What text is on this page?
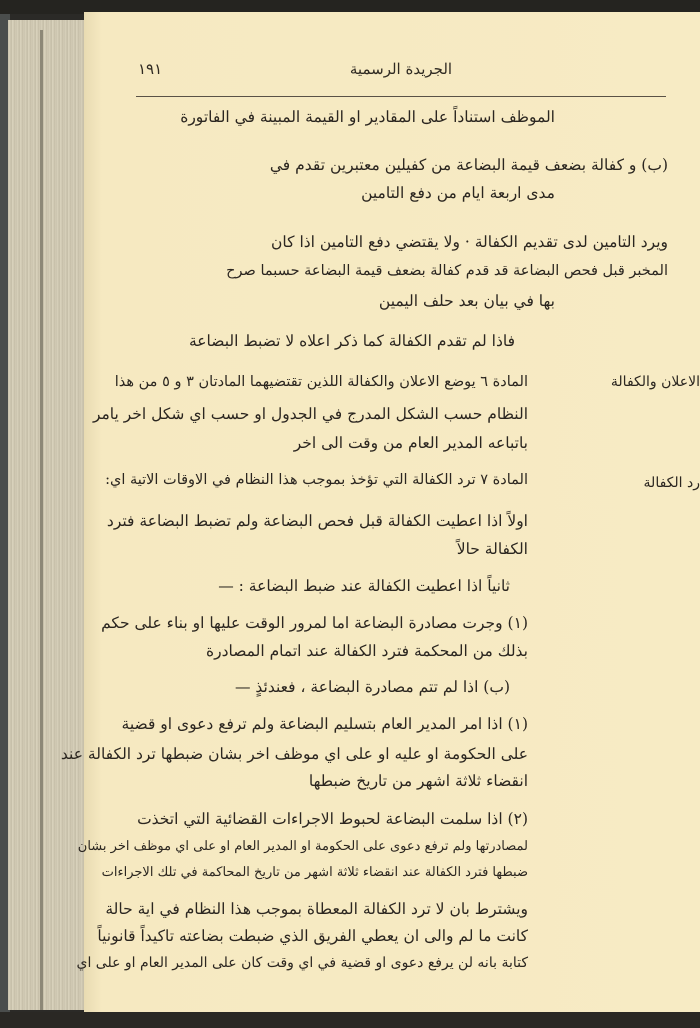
١٩١	الجريدة الرسمية
الموظف استناداً على المقادير او القيمة المبينة في الفاتورة
(ب) و كفالة بضعف قيمة البضاعة من كفيلين معتبرين تقدم في
مدى اربعة ايام من دفع التامين
ويرد التامين لدى تقديم الكفالة · ولا يقتضي دفع التامين اذا كان
المخبر قبل فحص البضاعة قد قدم كفالة بضعف قيمة البضاعة حسبما صرح
بها في بيان بعد حلف اليمين
فاذا لم تقدم الكفالة كما ذكر اعلاه لا تضبط البضاعة
الاعلان والكفالة
المادة ٦ يوضع الاعلان والكفالة اللذين تقتضيهما المادتان ٣ و ٥ من هذا
النظام حسب الشكل المدرج في الجدول او حسب اي شكل اخر يامر
باتباعه المدير العام من وقت الى اخر
رد الكفالة
المادة ٧ ترد الكفالة التي تؤخذ بموجب هذا النظام في الاوقات الاتية اي:
اولاً اذا اعطيت الكفالة قبل فحص البضاعة ولم تضبط البضاعة فترد
الكفالة حالاً
ثانياً اذا اعطيت الكفالة عند ضبط البضاعة : —
(١) وجرت مصادرة البضاعة اما لمرور الوقت عليها او بناء على حكم
بذلك من المحكمة فترد الكفالة عند اتمام المصادرة
(ب) اذا لم تتم مصادرة البضاعة ، فعندئذٍ —
(١) اذا امر المدير العام بتسليم البضاعة ولم ترفع دعوى او قضية
على الحكومة او عليه او على اي موظف اخر بشان ضبطها ترد الكفالة عند
انقضاء ثلاثة اشهر من تاريخ ضبطها
(٢) اذا سلمت البضاعة لحبوط الاجراءات القضائية التي اتخذت
لمصادرتها ولم ترفع دعوى على الحكومة او المدير العام او على اي موظف اخر بشان
ضبطها فترد الكفالة عند انقضاء ثلاثة اشهر من تاريخ المحاكمة في تلك الاجراءات
ويشترط بان لا ترد الكفالة المعطاة بموجب هذا النظام في اية حالة
كانت ما لم والى ان يعطي الفريق الذي ضبطت بضاعته تاكيداً قانونياً
كتابة بانه لن يرفع دعوى او قضية في اي وقت كان على المدير العام او على اي
